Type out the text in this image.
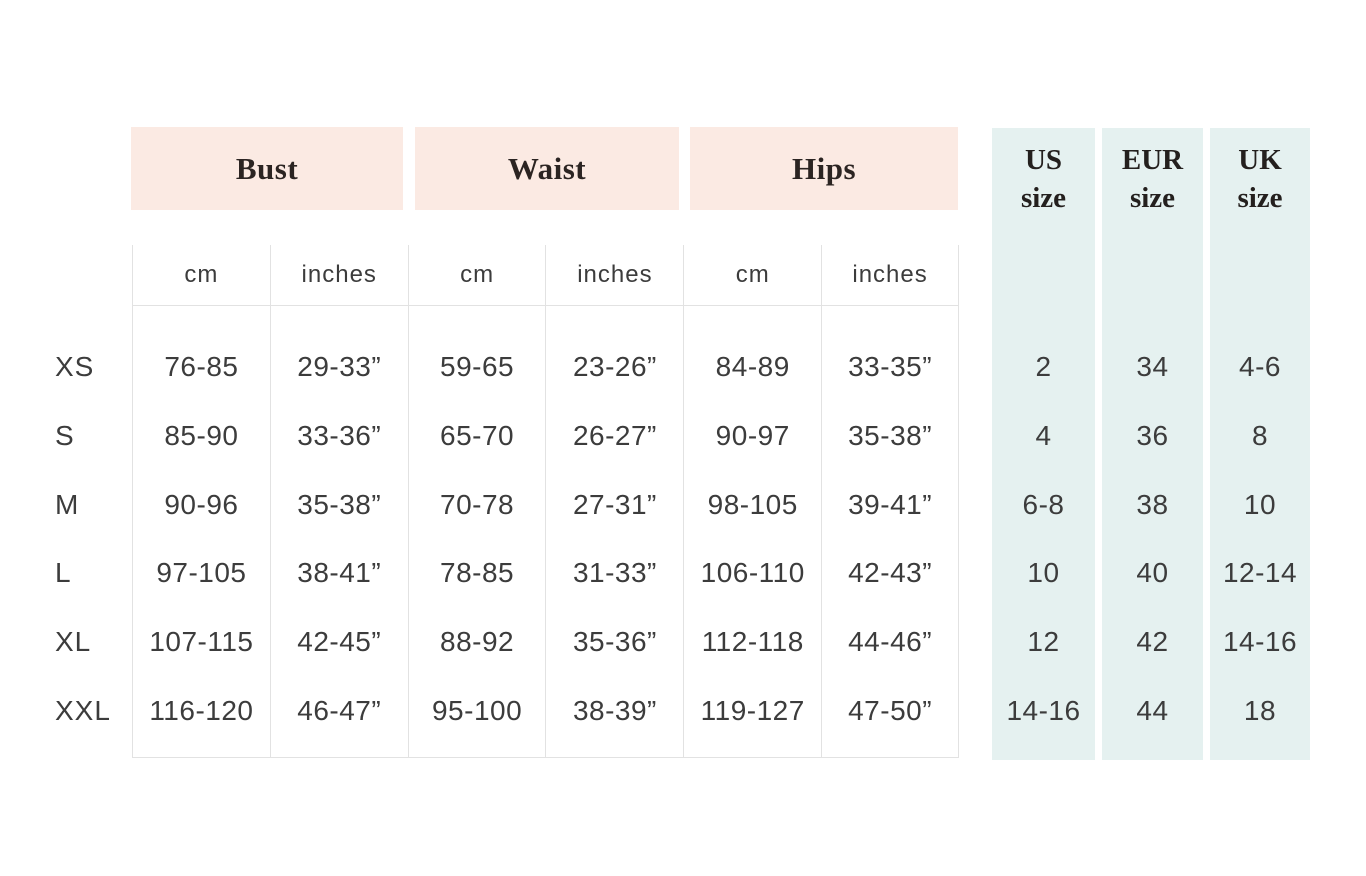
Bust	Waist	Hips
XS
S
M
L
XL
XXL
cm
76-85
85-90
90-96
97-105
107-115
116-120
inches
29-33”
33-36”
35-38”
38-41”
42-45”
46-47”
cm
59-65
65-70
70-78
78-85
88-92
95-100
inches
23-26”
26-27”
27-31”
31-33”
35-36”
38-39”
cm
84-89
90-97
98-105
106-110
112-118
119-127
inches
33-35”
35-38”
39-41”
42-43”
44-46”
47-50”
US
size
2
4
6-8
10
12
14-16
EUR
size
34
36
38
40
42
44
UK
size
4-6
8
10
12-14
14-16
18
